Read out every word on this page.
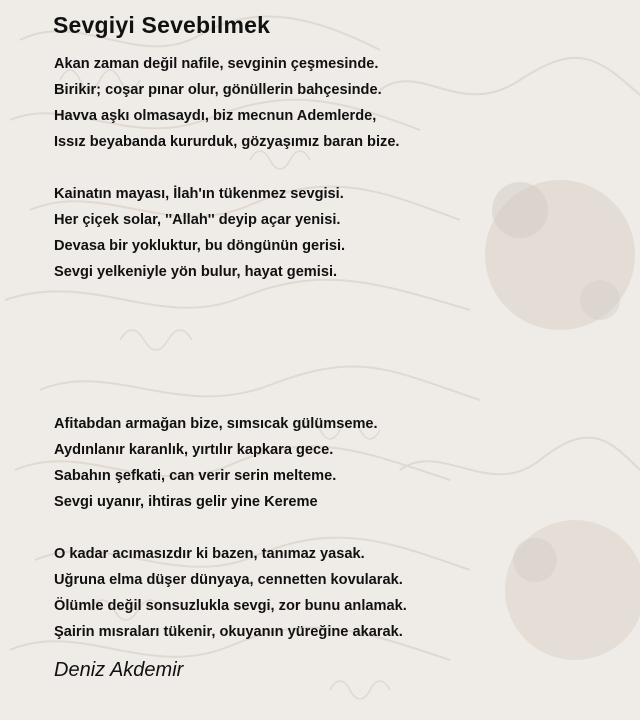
Sevgiyi Sevebilmek
Akan zaman değil nafile, sevginin çeşmesinde.
Birikir; coşar pınar olur, gönüllerin bahçesinde.
Havva aşkı olmasaydı, biz mecnun Ademlerde,
Issız beyabanda kururduk, gözyaşımız baran bize.
Kainatın mayası, İlah'ın tükenmez sevgisi.
Her çiçek solar, ''Allah'' deyip açar yenisi.
Devasa bir yokluktur, bu döngünün gerisi.
Sevgi yelkeniyle yön bulur, hayat gemisi.
Afitabdan armağan bize, sımsıcak gülümseme.
Aydınlanır karanlık, yırtılır kapkara gece.
Sabahın şefkati, can verir serin melteme.
Sevgi uyanır, ihtiras gelir yine Kereme
O kadar acımasızdır ki bazen, tanımaz yasak.
Uğruna elma düşer dünyaya, cennetten kovularak.
Ölümle değil sonsuzlukla sevgi, zor bunu anlamak.
Şairin mısraları tükenir, okuyanın yüreğine akarak.

Deniz Akdemir
